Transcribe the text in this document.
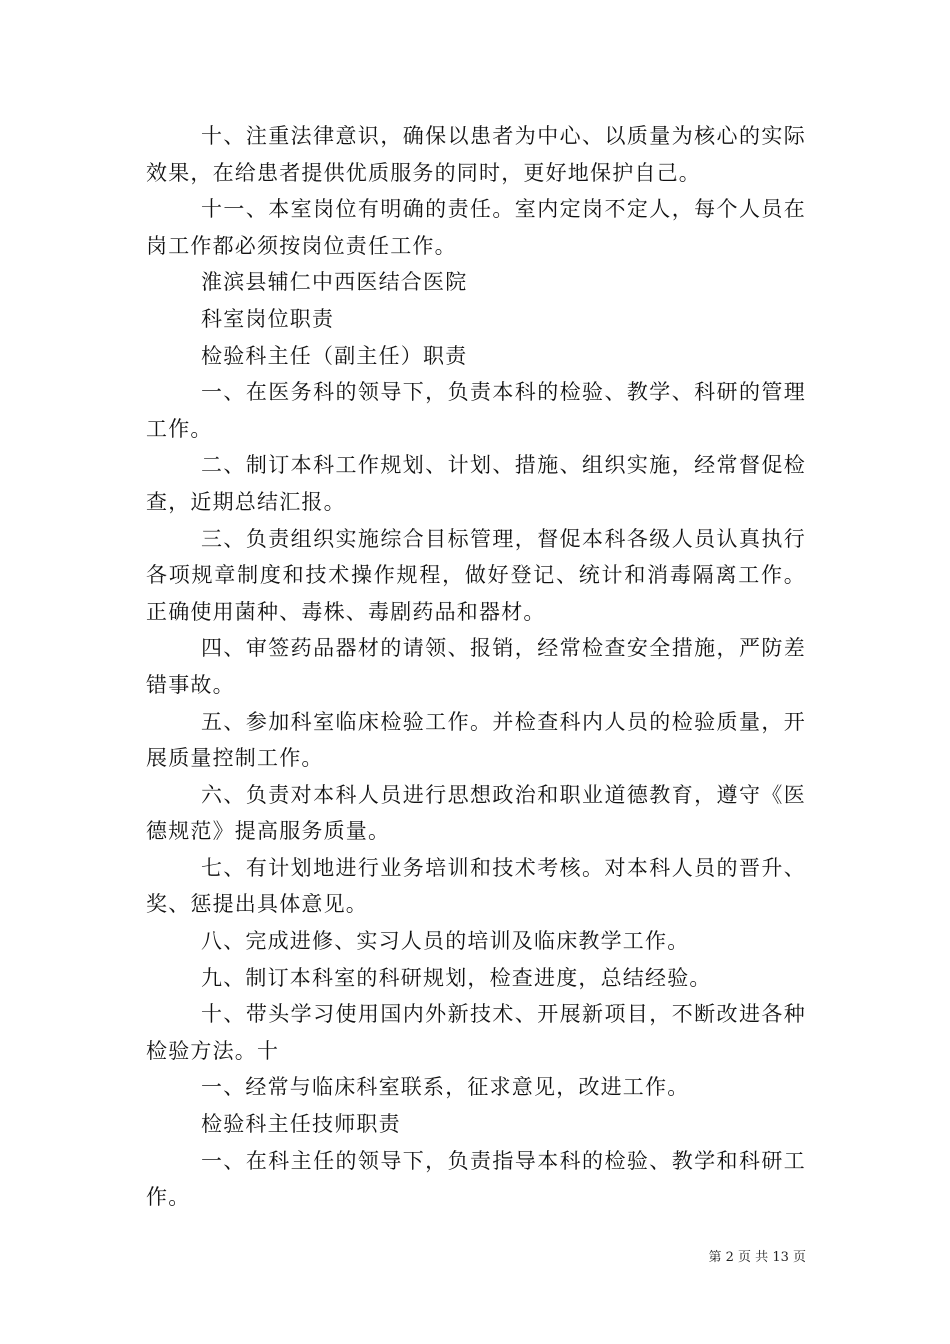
十、注重法律意识，确保以患者为中心、以质量为核心的实际效果，在给患者提供优质服务的同时，更好地保护自己。

十一、本室岗位有明确的责任。室内定岗不定人，每个人员在岗工作都必须按岗位责任工作。

淮滨县辅仁中西医结合医院

科室岗位职责

检验科主任（副主任）职责

一、在医务科的领导下，负责本科的检验、教学、科研的管理工作。

二、制订本科工作规划、计划、措施、组织实施，经常督促检查，近期总结汇报。

三、负责组织实施综合目标管理，督促本科各级人员认真执行各项规章制度和技术操作规程，做好登记、统计和消毒隔离工作。正确使用菌种、毒株、毒剧药品和器材。

四、审签药品器材的请领、报销，经常检查安全措施，严防差错事故。

五、参加科室临床检验工作。并检查科内人员的检验质量，开展质量控制工作。

六、负责对本科人员进行思想政治和职业道德教育，遵守《医德规范》提高服务质量。

七、有计划地进行业务培训和技术考核。对本科人员的晋升、奖、惩提出具体意见。

八、完成进修、实习人员的培训及临床教学工作。

九、制订本科室的科研规划，检查进度，总结经验。

十、带头学习使用国内外新技术、开展新项目，不断改进各种检验方法。十

一、经常与临床科室联系，征求意见，改进工作。

检验科主任技师职责

一、在科主任的领导下，负责指导本科的检验、教学和科研工作。

第 2 页 共 13 页
